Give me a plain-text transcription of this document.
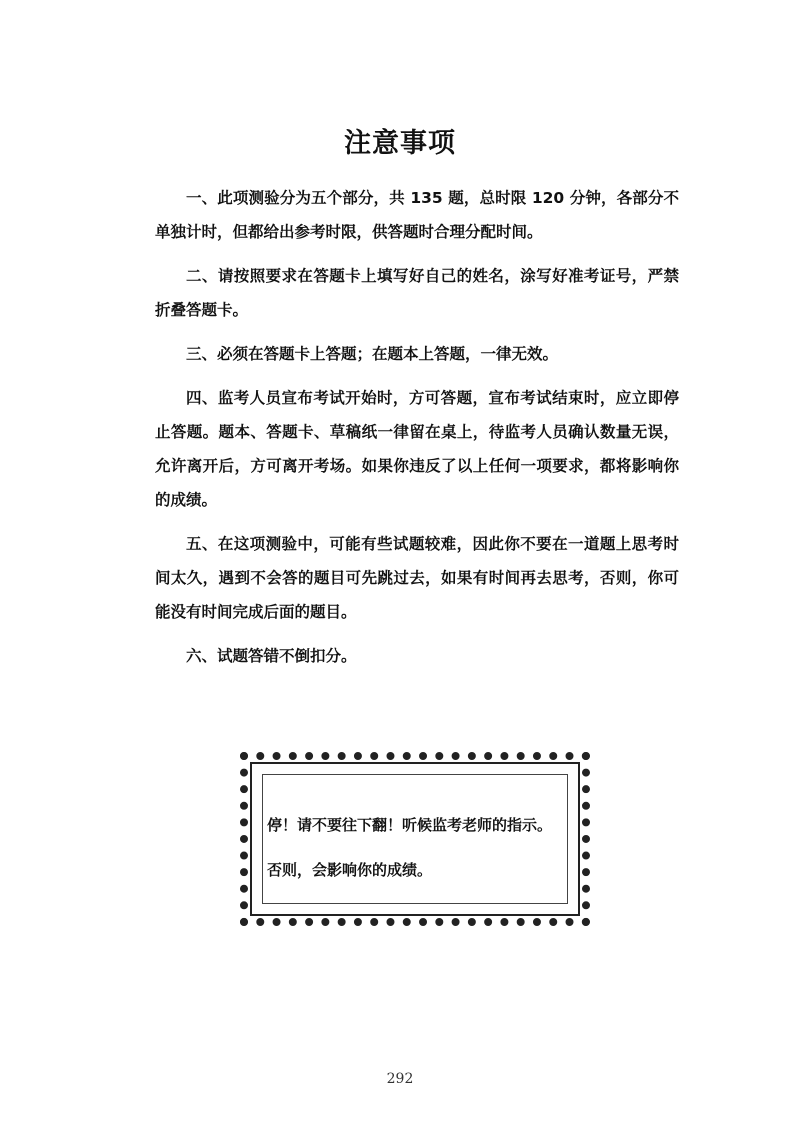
注意事项

一、此项测验分为五个部分，共 135 题，总时限 120 分钟，各部分不单独计时，但都给出参考时限，供答题时合理分配时间。

二、请按照要求在答题卡上填写好自己的姓名，涂写好准考证号，严禁折叠答题卡。

三、必须在答题卡上答题；在题本上答题，一律无效。

四、监考人员宣布考试开始时，方可答题，宣布考试结束时，应立即停止答题。题本、答题卡、草稿纸一律留在桌上，待监考人员确认数量无误，允许离开后，方可离开考场。如果你违反了以上任何一项要求，都将影响你的成绩。

五、在这项测验中，可能有些试题较难，因此你不要在一道题上思考时间太久，遇到不会答的题目可先跳过去，如果有时间再去思考，否则，你可能没有时间完成后面的题目。

六、试题答错不倒扣分。

停！请不要往下翻！听候监考老师的指示。
否则，会影响你的成绩。
292
